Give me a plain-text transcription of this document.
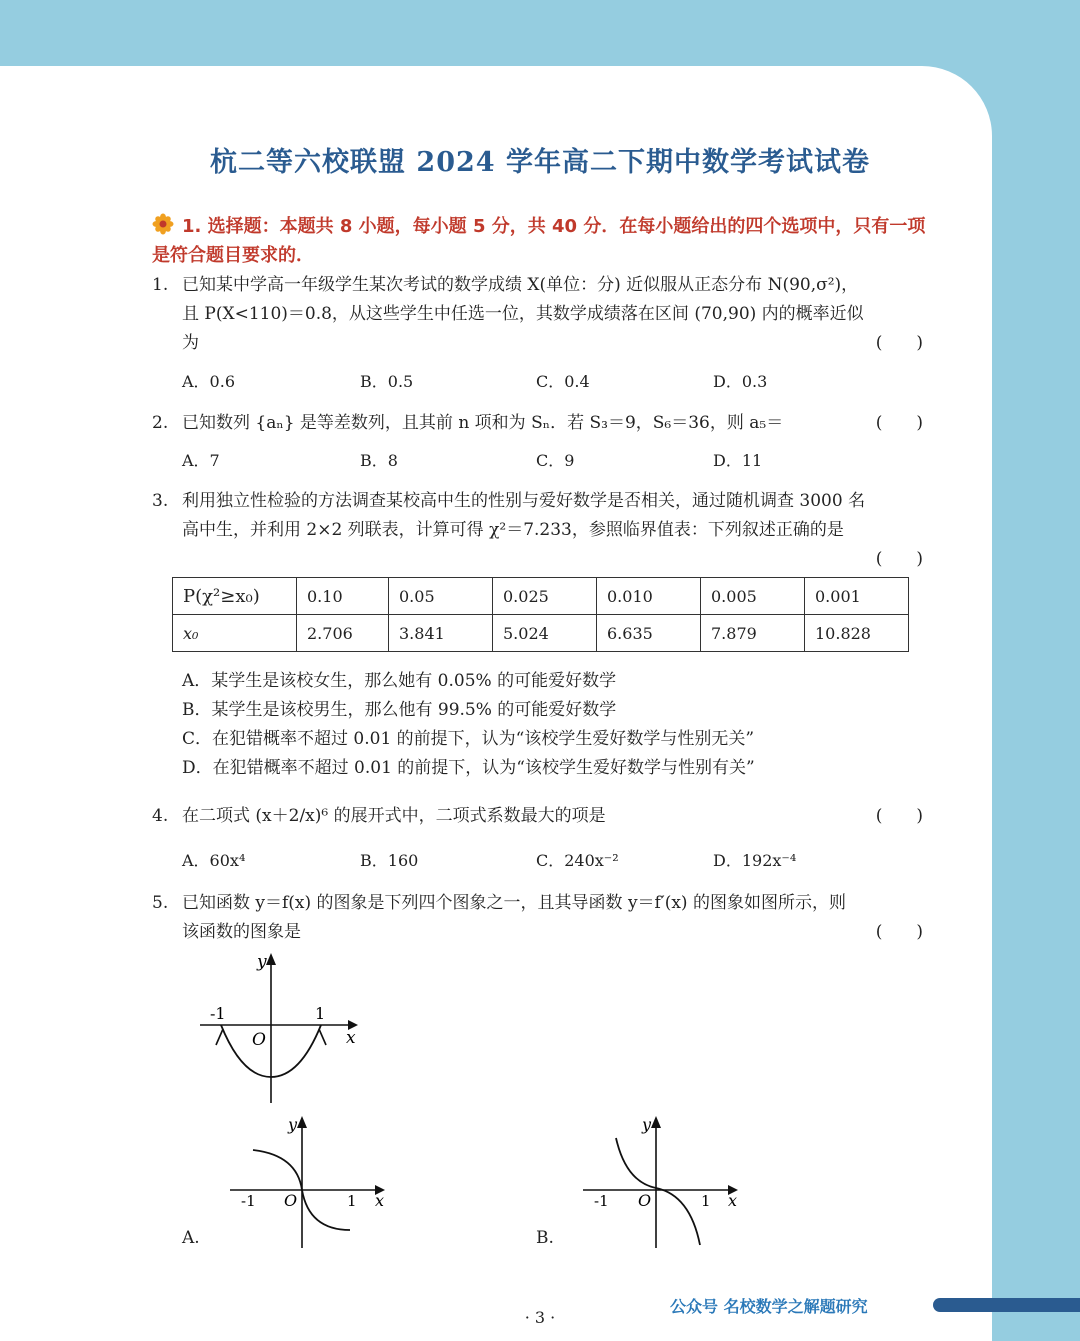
杭二等六校联盟 2024 学年高二下期中数学考试试卷
1. 选择题：本题共 8 小题，每小题 5 分，共 40 分．在每小题给出的四个选项中，只有一项是符合题目要求的．
1. 已知某中学高一年级学生某次考试的数学成绩 X(单位：分) 近似服从正态分布 N(90,σ²)，
且 P(X<110)＝0.8，从这些学生中任选一位，其数学成绩落在区间 (70,90) 内的概率近似
为	(　　)
A．0.6	B．0.5	C．0.4	D．0.3
2. 已知数列 {aₙ} 是等差数列，且其前 n 项和为 Sₙ．若 S₃＝9，S₆＝36，则 a₅＝	(　　)
A．7	B．8	C．9	D．11
3. 利用独立性检验的方法调查某校高中生的性别与爱好数学是否相关，通过随机调查 3000 名
高中生，并利用 2×2 列联表，计算可得 χ²＝7.233，参照临界值表：下列叙述正确的是
(　　)
P(χ²≥x₀)	0.10	0.05	0.025	0.010	0.005	0.001
x₀	2.706	3.841	5.024	6.635	7.879	10.828
A．某学生是该校女生，那么她有 0.05% 的可能爱好数学
B．某学生是该校男生，那么他有 99.5% 的可能爱好数学
C．在犯错概率不超过 0.01 的前提下，认为“该校学生爱好数学与性别无关”
D．在犯错概率不超过 0.01 的前提下，认为“该校学生爱好数学与性别有关”
4. 在二项式 (x＋2/x)⁶ 的展开式中，二项式系数最大的项是	(　　)
A．60x⁴	B．160	C．240x⁻²	D．192x⁻⁴
5. 已知函数 y＝f(x) 的图象是下列四个图象之一，且其导函数 y＝f′(x) 的图象如图所示，则
该函数的图象是	(　　)
y
x
O
-1	1
y
x
O
-1	1
A.
y
x
O
-1	1
B.
· 3 ·
公众号 名校数学之解题研究
